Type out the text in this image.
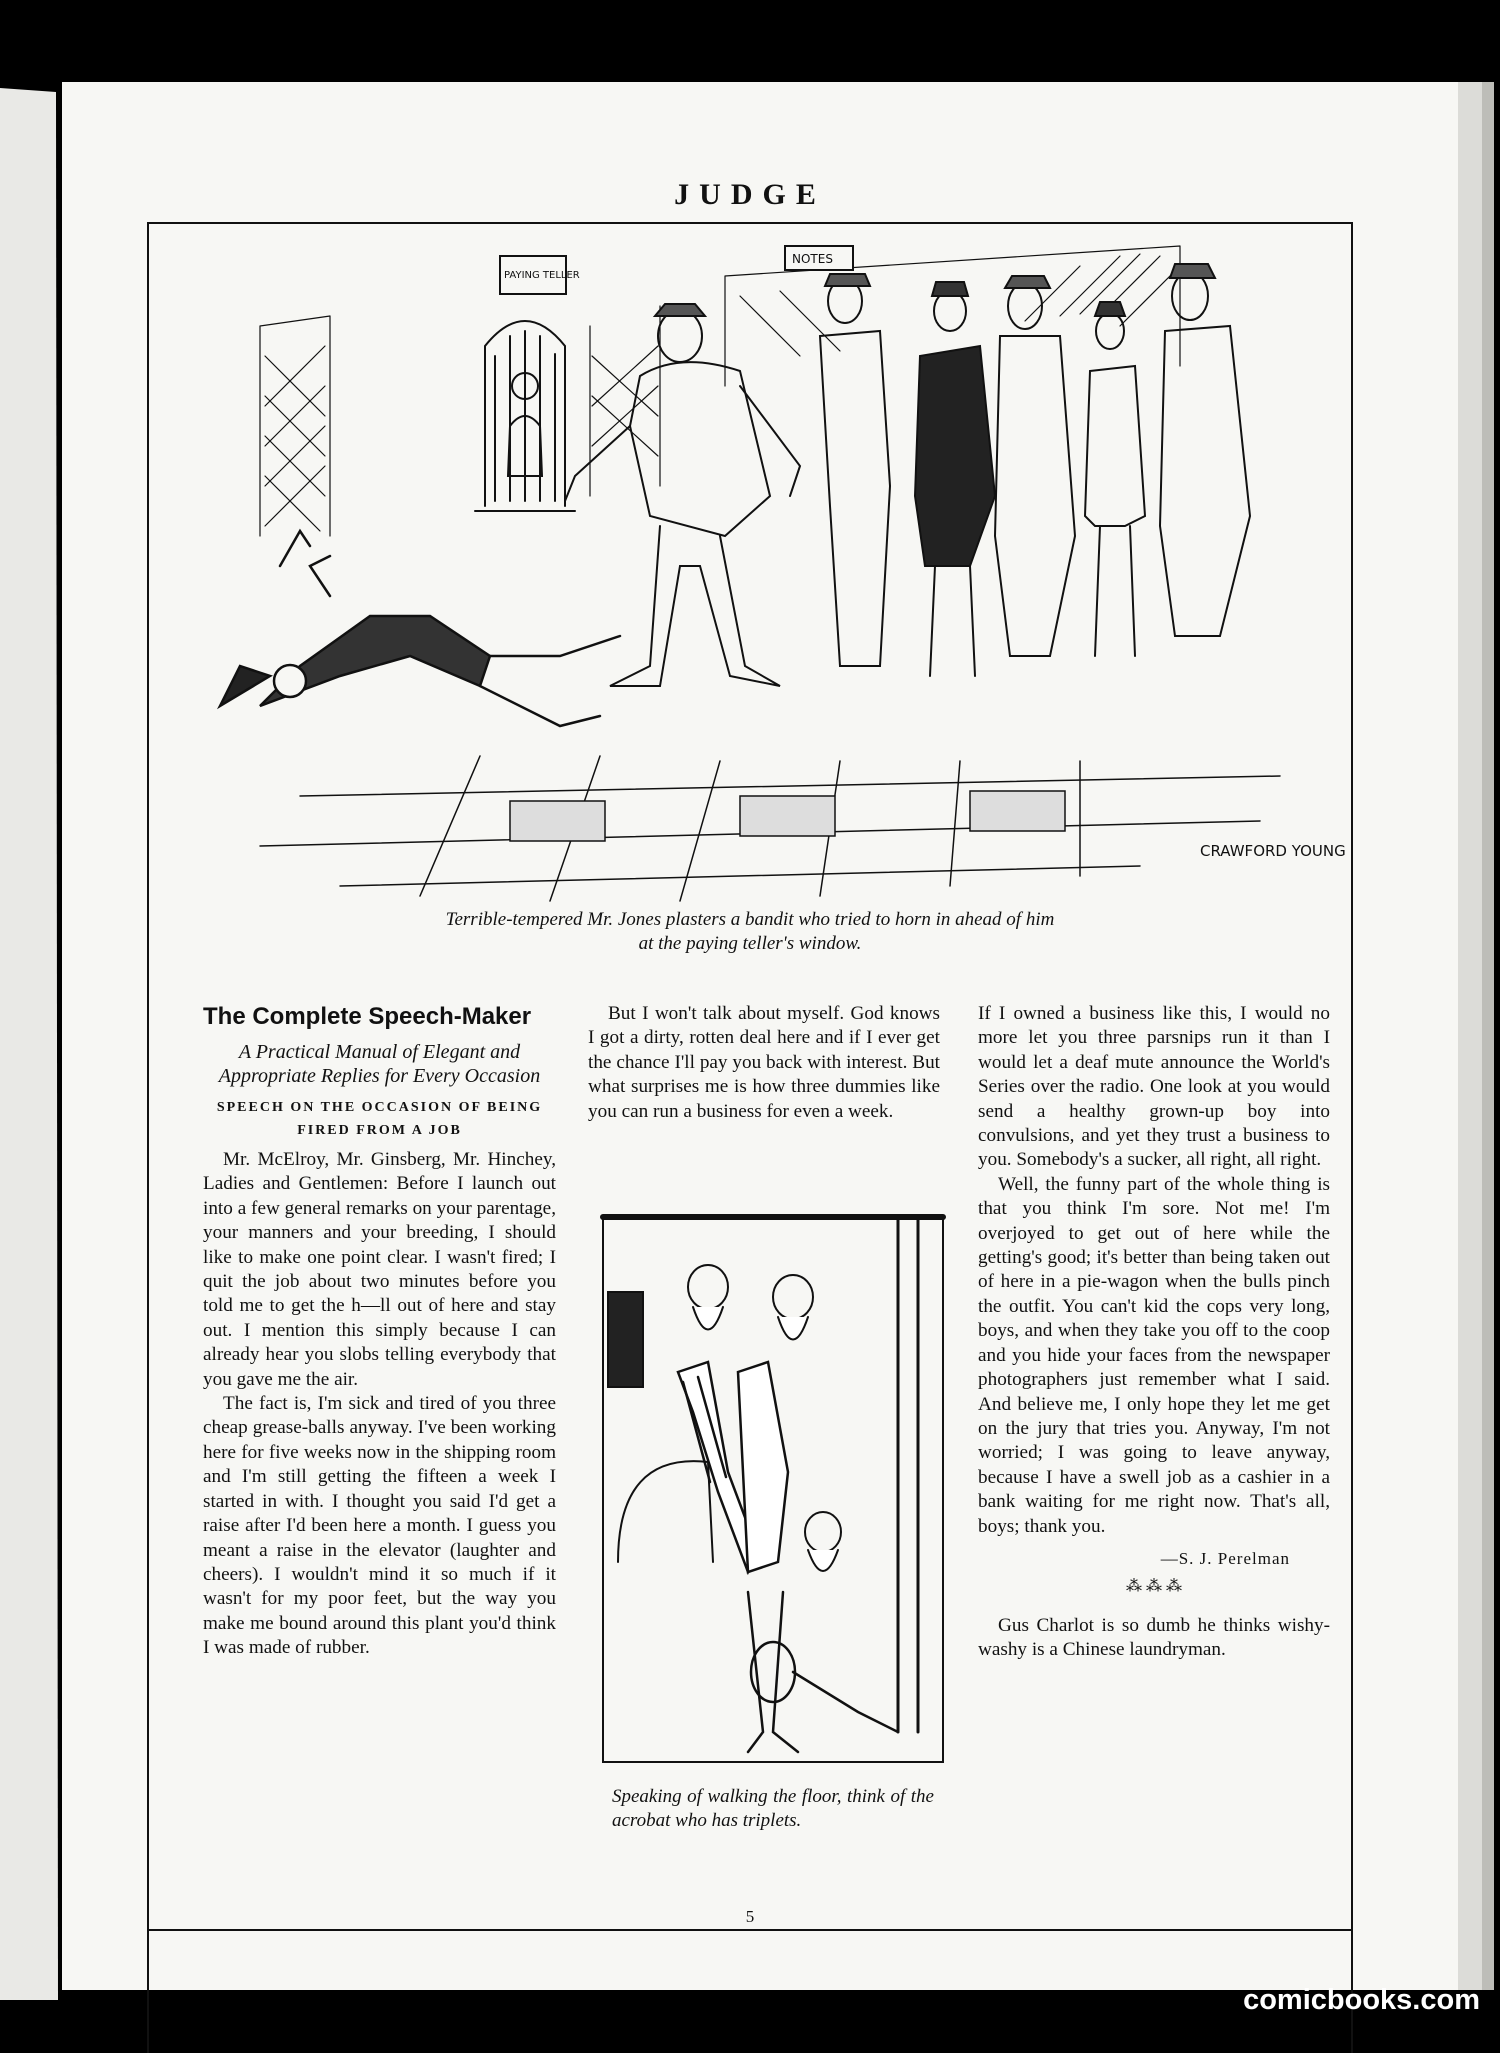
JUDGE
CRAWFORD YOUNG
PAYING TELLER
NOTES
Terrible-tempered Mr. Jones plasters a bandit who tried to horn in ahead of him
at the paying teller's window.

The Complete Speech-Maker

A Practical Manual of Elegant and Appropriate Replies for Every Occasion

SPEECH ON THE OCCASION OF BEING FIRED FROM A JOB

Mr. McElroy, Mr. Ginsberg, Mr. Hinchey, Ladies and Gentlemen: Before I launch out into a few general remarks on your parentage, your manners and your breeding, I should like to make one point clear. I wasn't fired; I quit the job about two minutes before you told me to get the h—ll out of here and stay out. I mention this simply because I can already hear you slobs telling everybody that you gave me the air.

The fact is, I'm sick and tired of you three cheap grease-balls anyway. I've been working here for five weeks now in the shipping room and I'm still getting the fifteen a week I started in with. I thought you said I'd get a raise after I'd been here a month. I guess you meant a raise in the elevator (laughter and cheers). I wouldn't mind it so much if it wasn't for my poor feet, but the way you make me bound around this plant you'd think I was made of rubber.

But I won't talk about myself. God knows I got a dirty, rotten deal here and if I ever get the chance I'll pay you back with interest. But what surprises me is how three dummies like you can run a business for even a week.

Speaking of walking the floor, think of the acrobat who has triplets.

If I owned a business like this, I would no more let you three parsnips run it than I would let a deaf mute announce the World's Series over the radio. One look at you would send a healthy grown-up boy into convulsions, and yet they trust a business to you. Somebody's a sucker, all right, all right.

Well, the funny part of the whole thing is that you think I'm sore. Not me! I'm overjoyed to get out of here while the getting's good; it's better than being taken out of here in a pie-wagon when the bulls pinch the outfit. You can't kid the cops very long, boys, and when they take you off to the coop and you hide your faces from the newspaper photographers just remember what I said. And believe me, I only hope they let me get on the jury that tries you. Anyway, I'm not worried; I was going to leave anyway, because I have a swell job as a cashier in a bank waiting for me right now. That's all, boys; thank you.

—S. J. Perelman
⁂ ⁂ ⁂

Gus Charlot is so dumb he thinks wishy-washy is a Chinese laundryman.

5
comicbooks.com
